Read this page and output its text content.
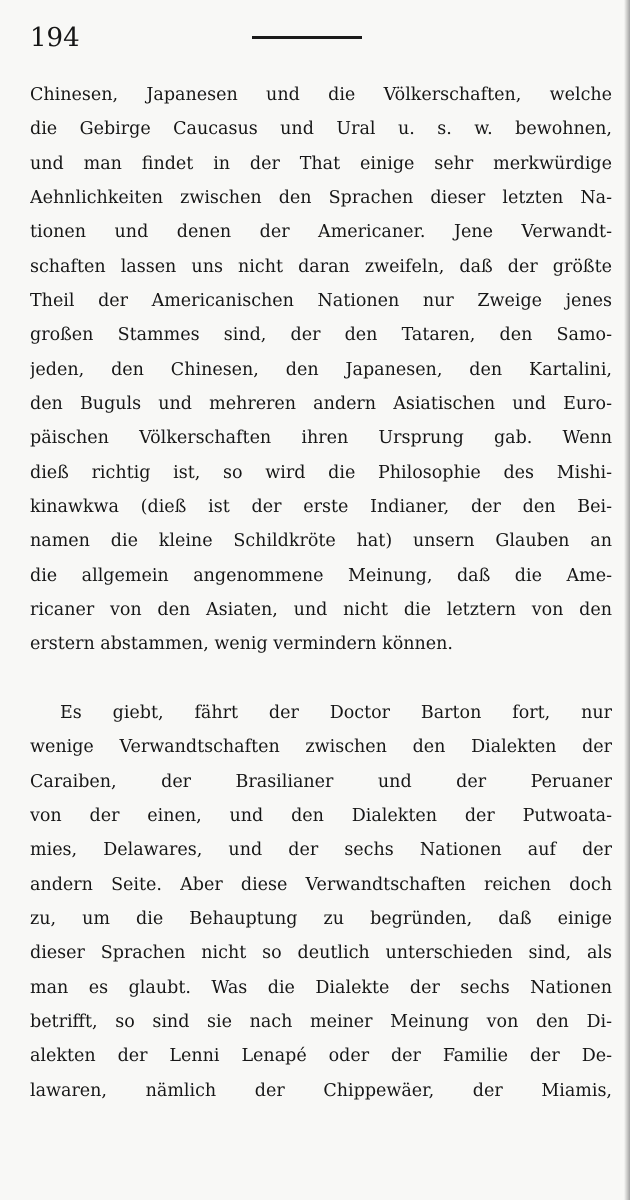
194
Chinesen, Japanesen und die Völkerschaften, welche
die Gebirge Caucasus und Ural u. s. w. bewohnen,
und man findet in der That einige sehr merkwürdige
Aehnlichkeiten zwischen den Sprachen dieser letzten Na-
tionen und denen der Americaner. Jene Verwandt-
schaften lassen uns nicht daran zweifeln, daß der größte
Theil der Americanischen Nationen nur Zweige jenes
großen Stammes sind, der den Tataren, den Samo-
jeden, den Chinesen, den Japanesen, den Kartalini,
den Buguls und mehreren andern Asiatischen und Euro-
päischen Völkerschaften ihren Ursprung gab. Wenn
dieß richtig ist, so wird die Philosophie des Mishi-
kinawkwa (dieß ist der erste Indianer, der den Bei-
namen die kleine Schildkröte hat) unsern Glauben an
die allgemein angenommene Meinung, daß die Ame-
ricaner von den Asiaten, und nicht die letztern von den
erstern abstammen, wenig vermindern können.
Es giebt, fährt der Doctor Barton fort, nur
wenige Verwandtschaften zwischen den Dialekten der
Caraiben, der Brasilianer und der Peruaner
von der einen, und den Dialekten der Putwoata-
mies, Delawares, und der sechs Nationen auf der
andern Seite. Aber diese Verwandtschaften reichen doch
zu, um die Behauptung zu begründen, daß einige
dieser Sprachen nicht so deutlich unterschieden sind, als
man es glaubt. Was die Dialekte der sechs Nationen
betrifft, so sind sie nach meiner Meinung von den Di-
alekten der Lenni Lenapé oder der Familie der De-
lawaren, nämlich der Chippewäer, der Miamis,
